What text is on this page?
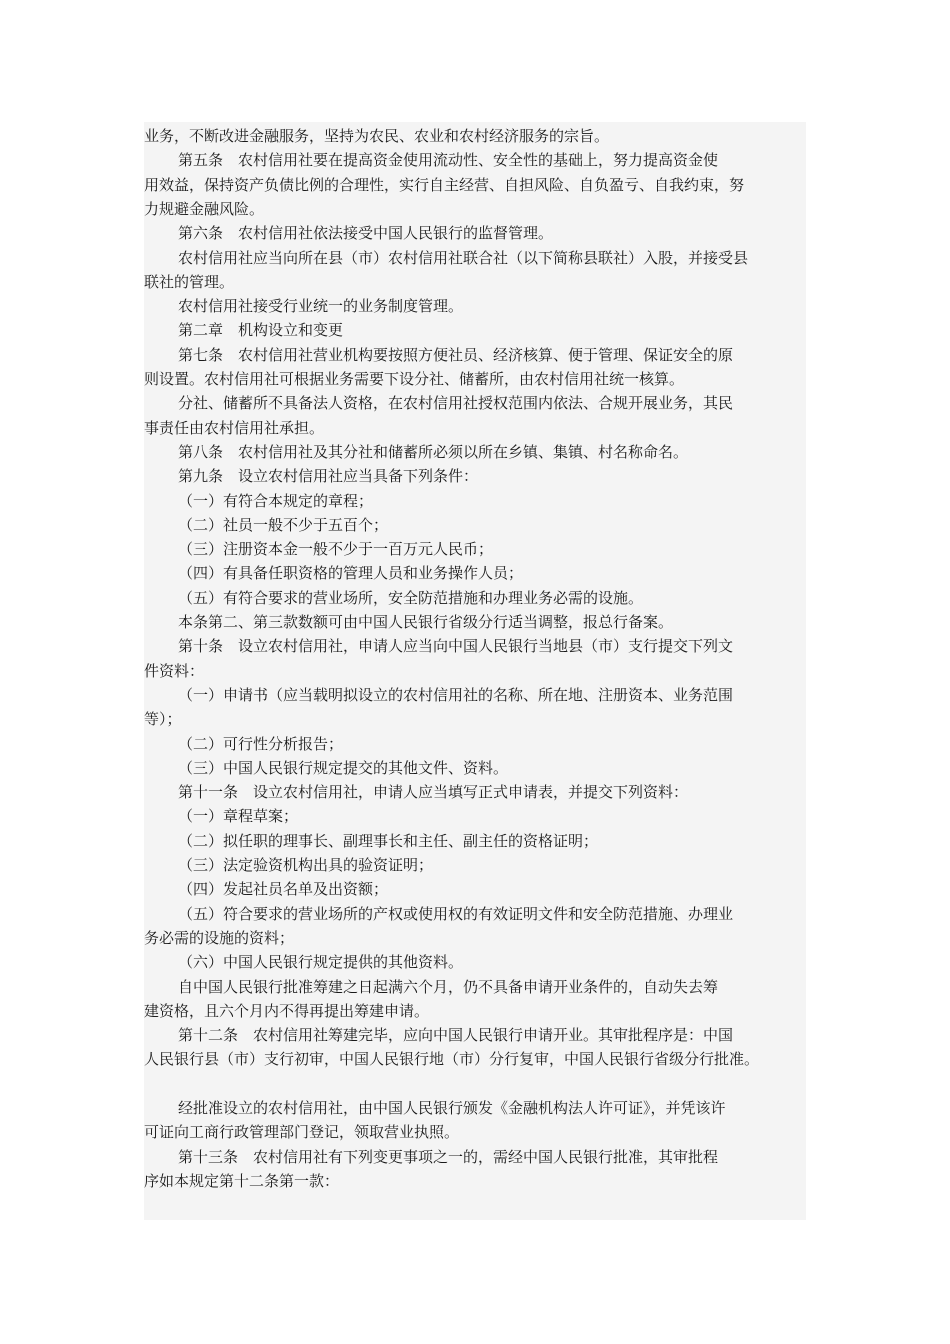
业务，不断改进金融服务，坚持为农民、农业和农村经济服务的宗旨。
第五条　农村信用社要在提高资金使用流动性、安全性的基础上，努力提高资金使
用效益，保持资产负债比例的合理性，实行自主经营、自担风险、自负盈亏、自我约束，努
力规避金融风险。
第六条　农村信用社依法接受中国人民银行的监督管理。
农村信用社应当向所在县（市）农村信用社联合社（以下简称县联社）入股，并接受县
联社的管理。
农村信用社接受行业统一的业务制度管理。
第二章　机构设立和变更
第七条　农村信用社营业机构要按照方便社员、经济核算、便于管理、保证安全的原
则设置。农村信用社可根据业务需要下设分社、储蓄所，由农村信用社统一核算。
分社、储蓄所不具备法人资格，在农村信用社授权范围内依法、合规开展业务，其民
事责任由农村信用社承担。
第八条　农村信用社及其分社和储蓄所必须以所在乡镇、集镇、村名称命名。
第九条　设立农村信用社应当具备下列条件：
（一）有符合本规定的章程；
（二）社员一般不少于五百个；
（三）注册资本金一般不少于一百万元人民币；
（四）有具备任职资格的管理人员和业务操作人员；
（五）有符合要求的营业场所，安全防范措施和办理业务必需的设施。
本条第二、第三款数额可由中国人民银行省级分行适当调整，报总行备案。
第十条　设立农村信用社，申请人应当向中国人民银行当地县（市）支行提交下列文
件资料：
（一）申请书（应当载明拟设立的农村信用社的名称、所在地、注册资本、业务范围
等）；
（二）可行性分析报告；
（三）中国人民银行规定提交的其他文件、资料。
第十一条　设立农村信用社，申请人应当填写正式申请表，并提交下列资料：
（一）章程草案；
（二）拟任职的理事长、副理事长和主任、副主任的资格证明；
（三）法定验资机构出具的验资证明；
（四）发起社员名单及出资额；
（五）符合要求的营业场所的产权或使用权的有效证明文件和安全防范措施、办理业
务必需的设施的资料；
（六）中国人民银行规定提供的其他资料。
自中国人民银行批准筹建之日起满六个月，仍不具备申请开业条件的，自动失去筹
建资格，且六个月内不得再提出筹建申请。
第十二条　农村信用社筹建完毕，应向中国人民银行申请开业。其审批程序是：中国
人民银行县（市）支行初审，中国人民银行地（市）分行复审，中国人民银行省级分行批准。
经批准设立的农村信用社，由中国人民银行颁发《金融机构法人许可证》，并凭该许
可证向工商行政管理部门登记，领取营业执照。
第十三条　农村信用社有下列变更事项之一的，需经中国人民银行批准，其审批程
序如本规定第十二条第一款：
